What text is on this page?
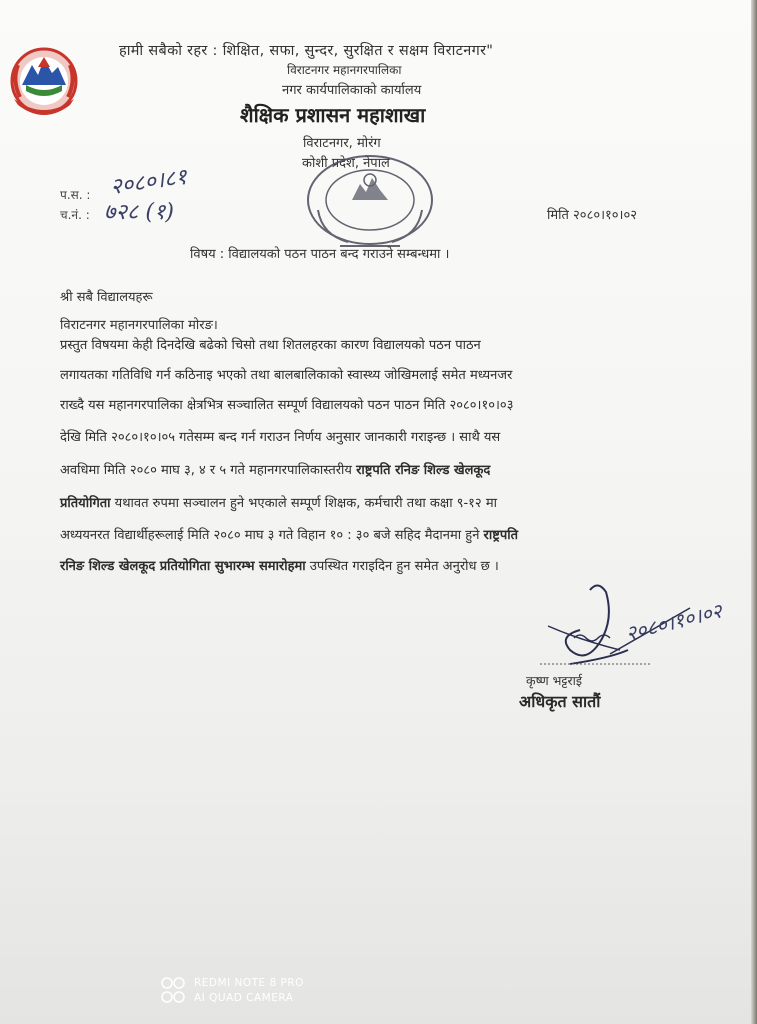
हामी सबैको रहर : शिक्षित, सफा, सुन्दर, सुरक्षित र सक्षम विराटनगर"
विराटनगर महानगरपालिका
नगर कार्यपालिकाको कार्यालय
शैक्षिक प्रशासन महाशाखा
विराटनगर, मोरंग
कोशी प्रदेश, नेपाल
प.स. : २०८०।८१
च.नं. : ७२८ (१)	मिति २०८०।१०।०२
विषय : विद्यालयको पठन पाठन बन्द गराउने सम्बन्धमा ।
श्री सबै विद्यालयहरू
विराटनगर महानगरपालिका मोरङ।
प्रस्तुत विषयमा केही दिनदेखि बढेको चिसो तथा शितलहरका कारण विद्यालयको पठन पाठन
लगायतका गतिविधि गर्न कठिनाइ भएको तथा बालबालिकाको स्वास्थ्य जोखिमलाई समेत मध्यनजर
राख्दै यस महानगरपालिका क्षेत्रभित्र सञ्चालित सम्पूर्ण विद्यालयको पठन पाठन मिति २०८०।१०।०३
देखि मिति २०८०।१०।०५ गतेसम्म बन्द गर्न गराउन निर्णय अनुसार जानकारी गराइन्छ । साथै यस
अवधिमा मिति २०८० माघ ३, ४ र ५ गते महानगरपालिकास्तरीय राष्ट्रपति रनिङ शिल्ड खेलकूद
प्रतियोगिता यथावत रुपमा सञ्चालन हुने भएकाले सम्पूर्ण शिक्षक, कर्मचारी तथा कक्षा ९-१२ मा
अध्ययनरत विद्यार्थीहरूलाई मिति २०८० माघ ३ गते विहान १० : ३० बजे सहिद मैदानमा हुने राष्ट्रपति
रनिङ शिल्ड खेलकूद प्रतियोगिता सुभारम्भ समारोहमा उपस्थित गराइदिन हुन समेत अनुरोध छ ।
२०८०।१०।०२
कृष्ण भट्टराई
अधिकृत सातौं
REDMI NOTE 8 PRO
AI QUAD CAMERA
